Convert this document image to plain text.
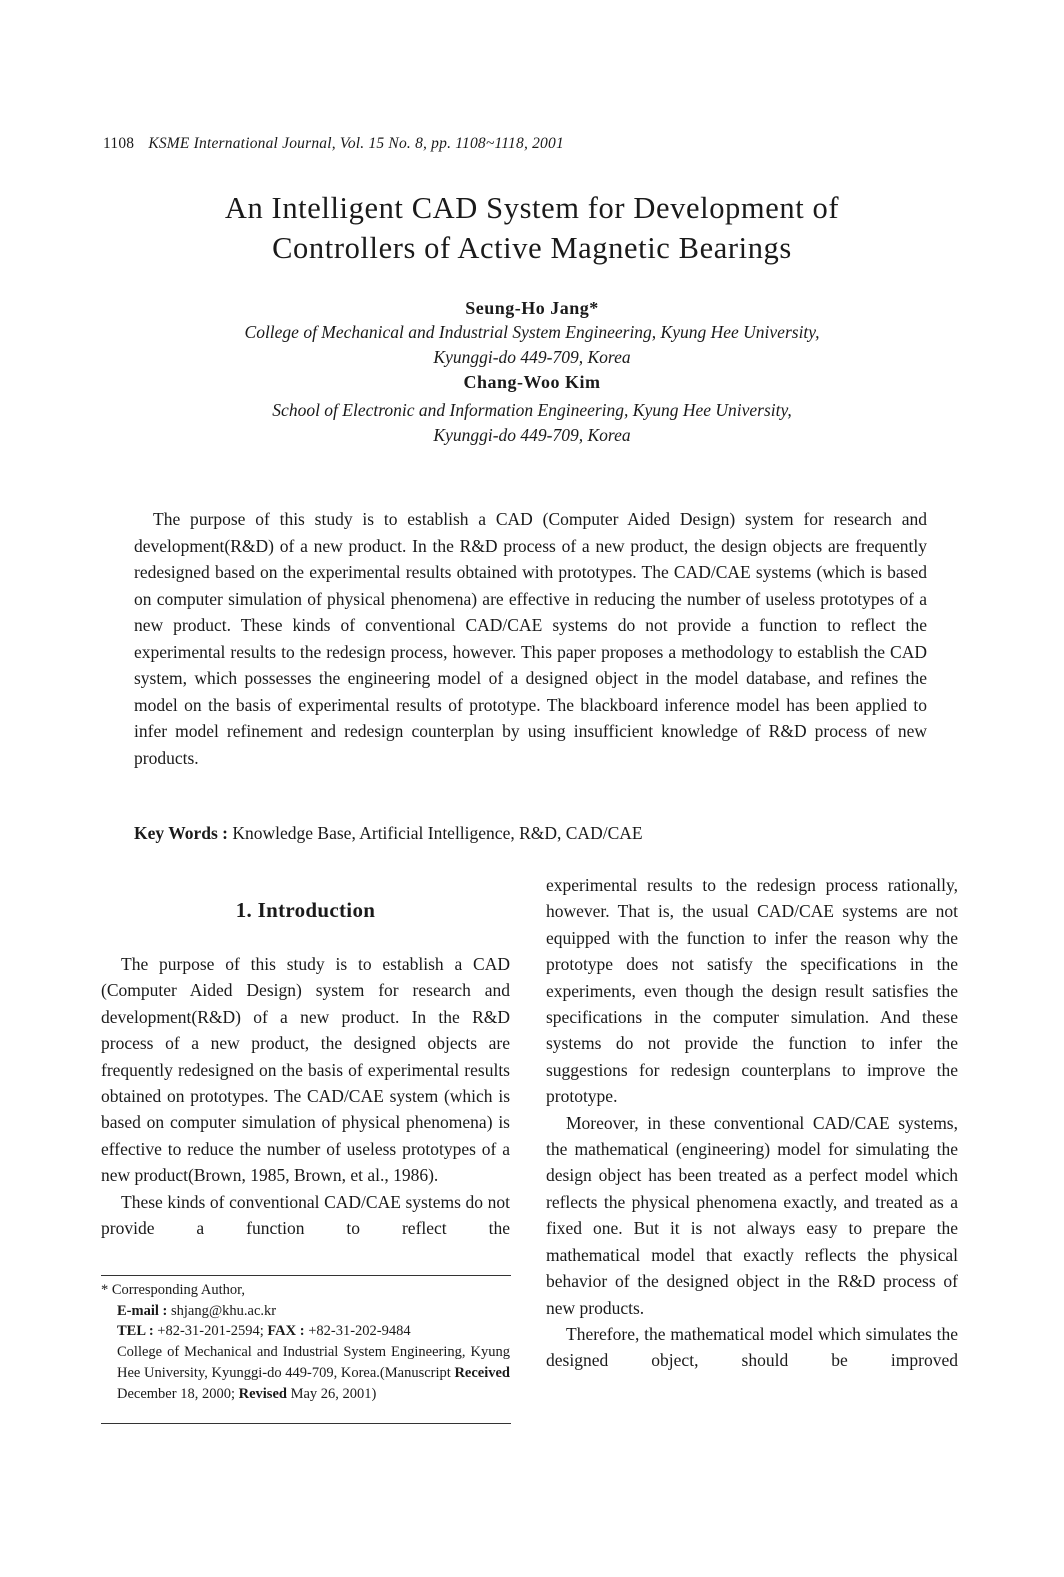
1108 KSME International Journal, Vol. 15 No. 8, pp. 1108~1118, 2001
An Intelligent CAD System for Development of
Controllers of Active Magnetic Bearings
Seung-Ho Jang*
College of Mechanical and Industrial System Engineering, Kyung Hee University,
Kyunggi-do 449-709, Korea
Chang-Woo Kim
School of Electronic and Information Engineering, Kyung Hee University,
Kyunggi-do 449-709, Korea
The purpose of this study is to establish a CAD (Computer Aided Design) system for research and development(R&D) of a new product. In the R&D process of a new product, the design objects are frequently redesigned based on the experimental results obtained with prototypes. The CAD/CAE systems (which is based on computer simulation of physical phenomena) are effective in reducing the number of useless prototypes of a new product. These kinds of conventional CAD/CAE systems do not provide a function to reflect the experimental results to the redesign process, however. This paper proposes a methodology to establish the CAD system, which possesses the engineering model of a designed object in the model database, and refines the model on the basis of experimental results of prototype. The blackboard inference model has been applied to infer model refinement and redesign counterplan by using insufficient knowledge of R&D process of new products.
Key Words : Knowledge Base, Artificial Intelligence, R&D, CAD/CAE
1. Introduction

The purpose of this study is to establish a CAD (Computer Aided Design) system for research and development(R&D) of a new product. In the R&D process of a new product, the designed objects are frequently redesigned on the basis of experimental results obtained on prototypes. The CAD/CAE system (which is based on computer simulation of physical phenomena) is effective to reduce the number of useless prototypes of a new product(Brown, 1985, Brown, et al., 1986).

These kinds of conventional CAD/CAE systems do not provide a function to reflect the

* Corresponding Author,
E-mail : shjang@khu.ac.kr
TEL : +82-31-201-2594; FAX : +82-31-202-9484
College of Mechanical and Industrial System Engineering, Kyung Hee University, Kyunggi-do 449-709, Korea.(Manuscript Received December 18, 2000; Revised May 26, 2001)

experimental results to the redesign process rationally, however. That is, the usual CAD/CAE systems are not equipped with the function to infer the reason why the prototype does not satisfy the specifications in the experiments, even though the design result satisfies the specifications in the computer simulation. And these systems do not provide the function to infer the suggestions for redesign counterplans to improve the prototype.

Moreover, in these conventional CAD/CAE systems, the mathematical (engineering) model for simulating the design object has been treated as a perfect model which reflects the physical phenomena exactly, and treated as a fixed one. But it is not always easy to prepare the mathematical model that exactly reflects the physical behavior of the designed object in the R&D process of new products.

Therefore, the mathematical model which simulates the designed object, should be improved
